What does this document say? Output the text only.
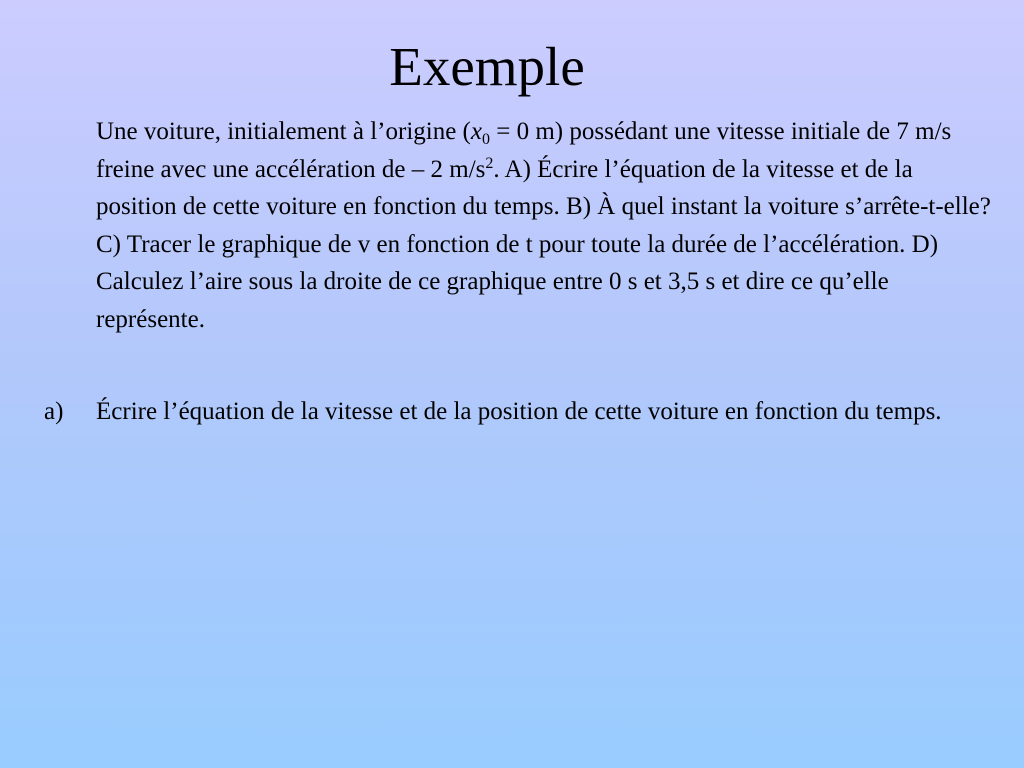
Exemple
Une voiture, initialement à l’origine ($x_0 = 0$ m) possédant une vitesse initiale de 7 m/s freine avec une accélération de – 2 $m/s^2$. A) Écrire l’équation de la vitesse et de la position de cette voiture en fonction du temps. B) À quel instant la voiture s’arrête-t-elle? C) Tracer le graphique de v en fonction de t pour toute la durée de l’accélération. D) Calculez l’aire sous la droite de ce graphique entre 0 s et 3,5 s et dire ce qu’elle représente.
a)	Écrire l’équation de la vitesse et de la position de cette voiture en fonction du temps.
